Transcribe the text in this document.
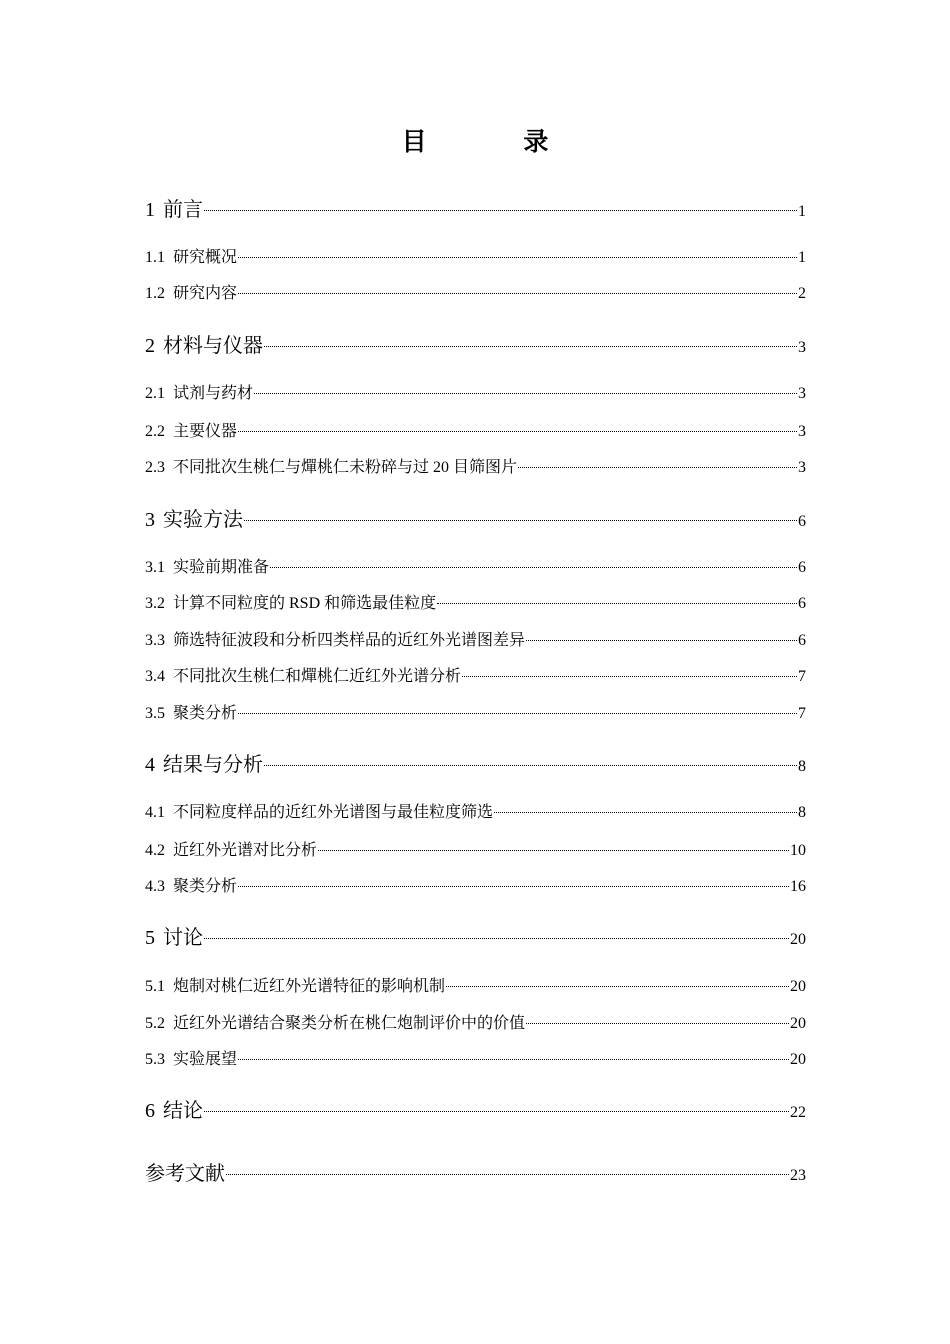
目 录
1 前言	1
1.1 研究概况	1
1.2 研究内容	2
2 材料与仪器	3
2.1 试剂与药材	3
2.2 主要仪器	3
2.3 不同批次生桃仁与燀桃仁未粉碎与过 20 目筛图片	3
3 实验方法	6
3.1 实验前期准备	6
3.2 计算不同粒度的 RSD 和筛选最佳粒度	6
3.3 筛选特征波段和分析四类样品的近红外光谱图差异	6
3.4 不同批次生桃仁和燀桃仁近红外光谱分析	7
3.5 聚类分析	7
4 结果与分析	8
4.1 不同粒度样品的近红外光谱图与最佳粒度筛选	8
4.2 近红外光谱对比分析	10
4.3 聚类分析	16
5 讨论	20
5.1 炮制对桃仁近红外光谱特征的影响机制	20
5.2 近红外光谱结合聚类分析在桃仁炮制评价中的价值	20
5.3 实验展望	20
6 结论	22
参考文献	23
